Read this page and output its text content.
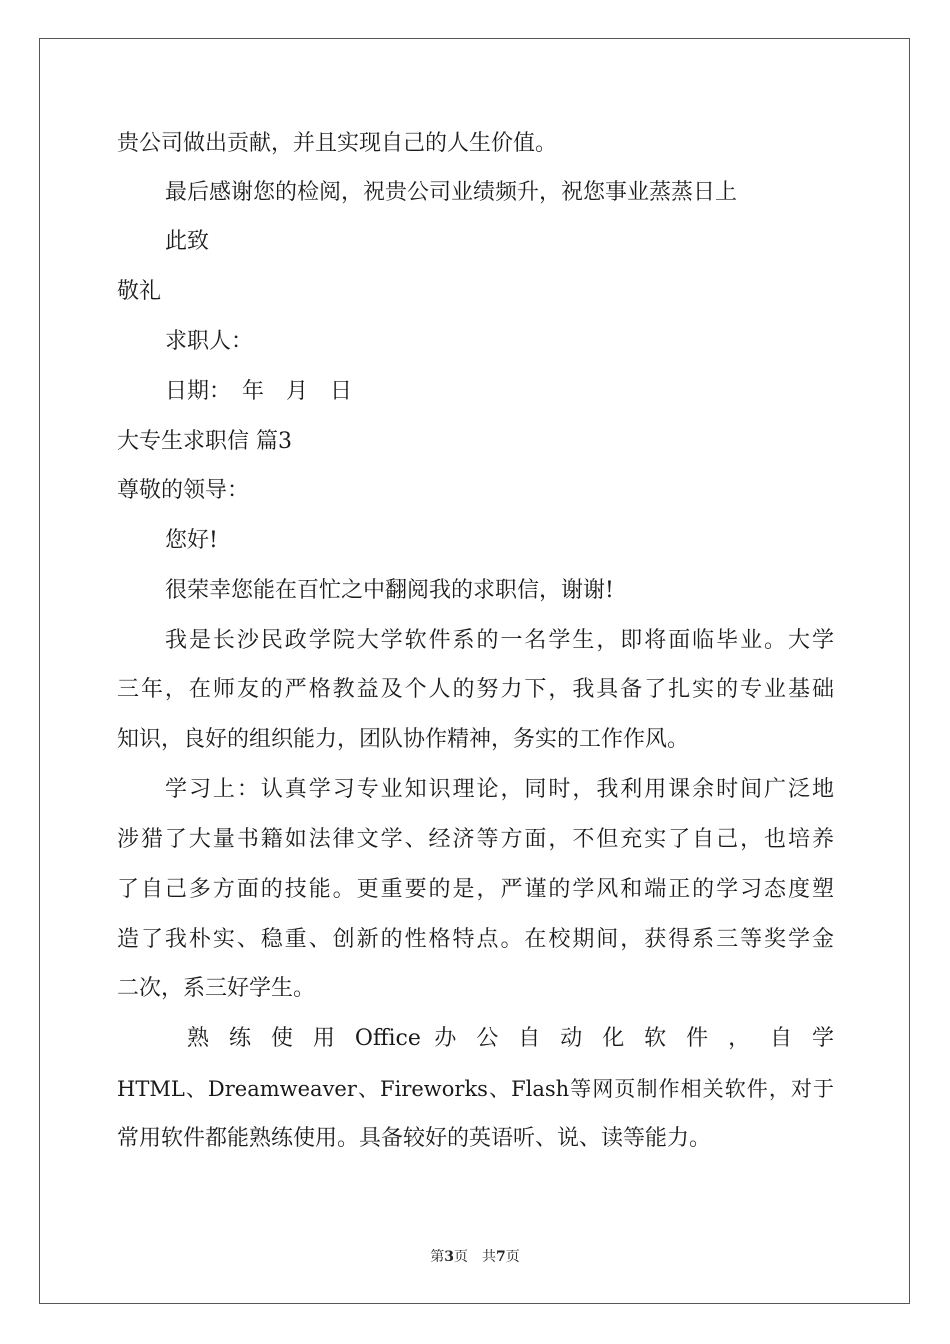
贵公司做出贡献，并且实现自己的人生价值。
最后感谢您的检阅，祝贵公司业绩频升，祝您事业蒸蒸日上
此致
敬礼
求职人：
日期：　年　月　日
大专生求职信 篇3
尊敬的领导：
您好!
很荣幸您能在百忙之中翻阅我的求职信，谢谢!
我是长沙民政学院大学软件系的一名学生，即将面临毕业。大学
三年，在师友的严格教益及个人的努力下，我具备了扎实的专业基础
知识，良好的组织能力，团队协作精神，务实的工作作风。
学习上：认真学习专业知识理论，同时，我利用课余时间广泛地
涉猎了大量书籍如法律文学、经济等方面，不但充实了自己，也培养
了自己多方面的技能。更重要的是，严谨的学风和端正的学习态度塑
造了我朴实、稳重、创新的性格特点。在校期间，获得系三等奖学金
二次，系三好学生。
熟 练 使 用 Office 办 公 自 动 化 软 件 ， 自 学
HTML、Dreamweaver、Fireworks、Flash等网页制作相关软件，对于
常用软件都能熟练使用。具备较好的英语听、说、读等能力。
第3页　共7页
